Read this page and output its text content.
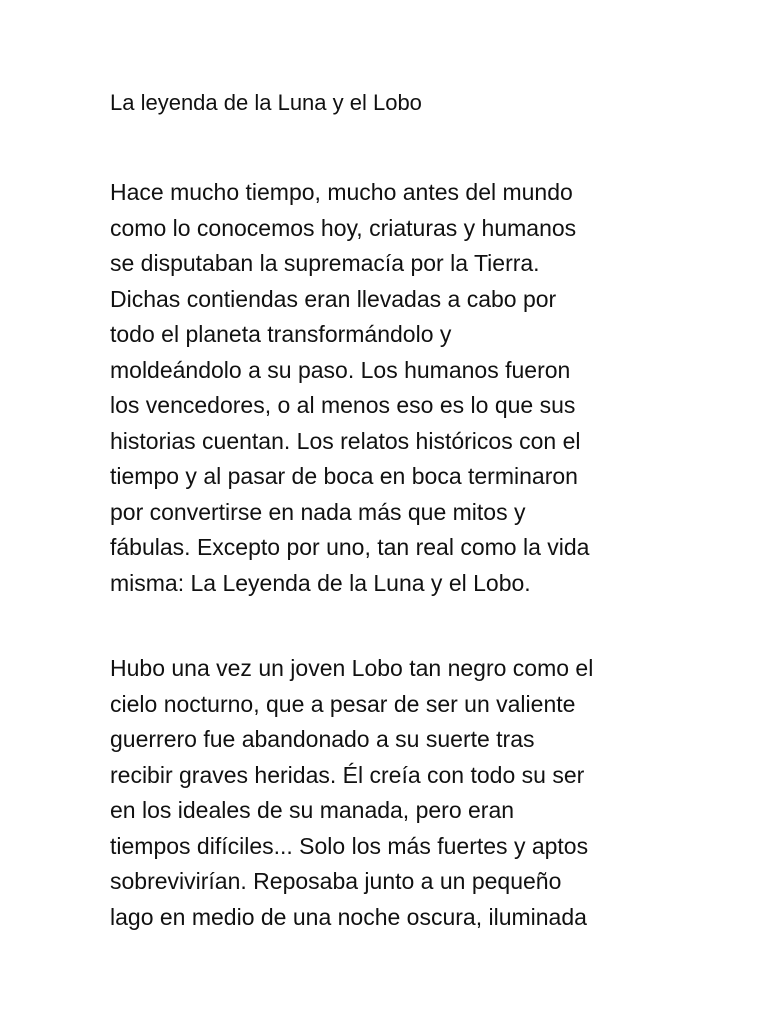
La leyenda de la Luna y el Lobo

Hace mucho tiempo, mucho antes del mundo
como lo conocemos hoy, criaturas y humanos
se disputaban la supremacía por la Tierra.
Dichas contiendas eran llevadas a cabo por
todo el planeta transformándolo y
moldeándolo a su paso. Los humanos fueron
los vencedores, o al menos eso es lo que sus
historias cuentan. Los relatos históricos con el
tiempo y al pasar de boca en boca terminaron
por convertirse en nada más que mitos y
fábulas. Excepto por uno, tan real como la vida
misma: La Leyenda de la Luna y el Lobo.

Hubo una vez un joven Lobo tan negro como el
cielo nocturno, que a pesar de ser un valiente
guerrero fue abandonado a su suerte tras
recibir graves heridas. Él creía con todo su ser
en los ideales de su manada, pero eran
tiempos difíciles... Solo los más fuertes y aptos
sobrevivirían. Reposaba junto a un pequeño
lago en medio de una noche oscura, iluminada
